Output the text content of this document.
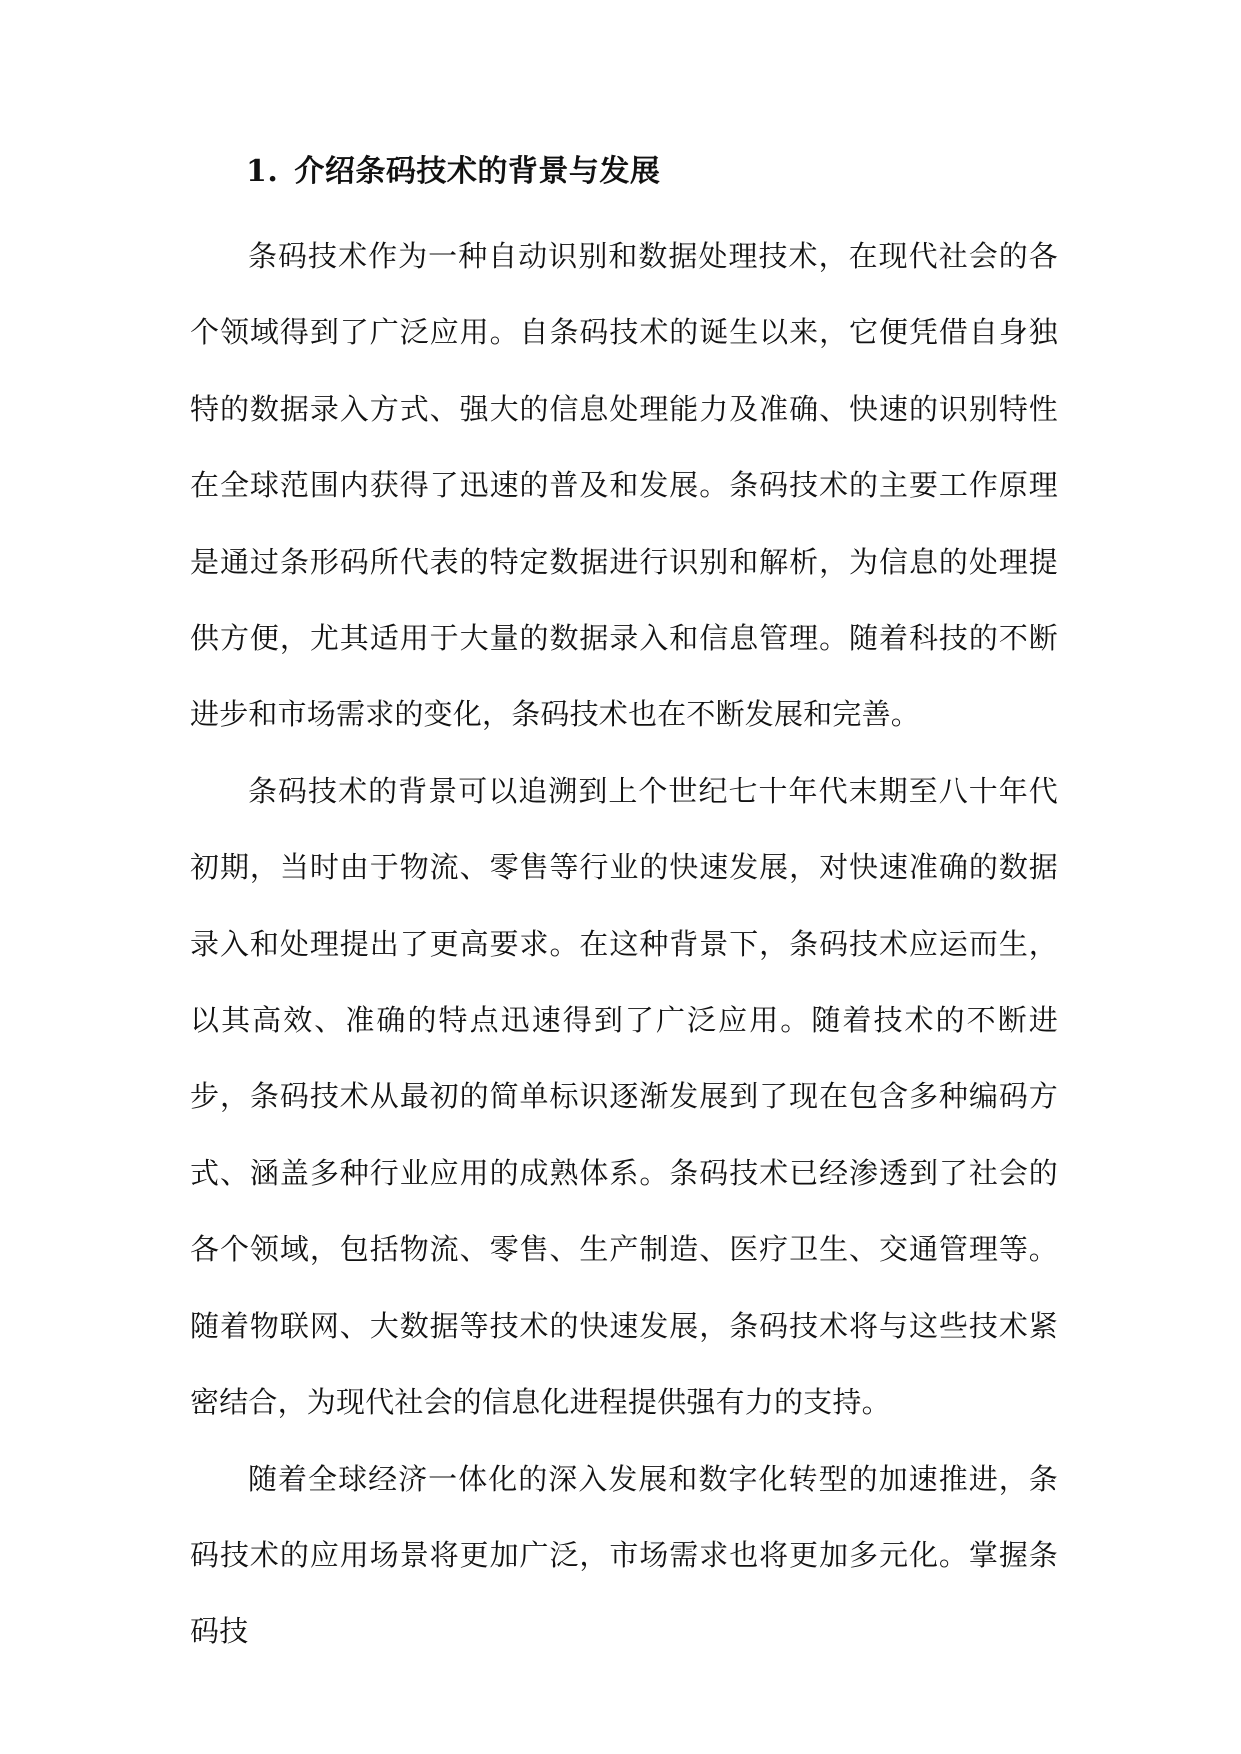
1. 介绍条码技术的背景与发展

条码技术作为一种自动识别和数据处理技术，在现代社会的各个领域得到了广泛应用。自条码技术的诞生以来，它便凭借自身独特的数据录入方式、强大的信息处理能力及准确、快速的识别特性在全球范围内获得了迅速的普及和发展。条码技术的主要工作原理是通过条形码所代表的特定数据进行识别和解析，为信息的处理提供方便，尤其适用于大量的数据录入和信息管理。随着科技的不断进步和市场需求的变化，条码技术也在不断发展和完善。

条码技术的背景可以追溯到上个世纪七十年代末期至八十年代初期，当时由于物流、零售等行业的快速发展，对快速准确的数据录入和处理提出了更高要求。在这种背景下，条码技术应运而生，以其高效、准确的特点迅速得到了广泛应用。随着技术的不断进步，条码技术从最初的简单标识逐渐发展到了现在包含多种编码方式、涵盖多种行业应用的成熟体系。条码技术已经渗透到了社会的各个领域，包括物流、零售、生产制造、医疗卫生、交通管理等。随着物联网、大数据等技术的快速发展，条码技术将与这些技术紧密结合，为现代社会的信息化进程提供强有力的支持。

随着全球经济一体化的深入发展和数字化转型的加速推进，条码技术的应用场景将更加广泛，市场需求也将更加多元化。掌握条码技
